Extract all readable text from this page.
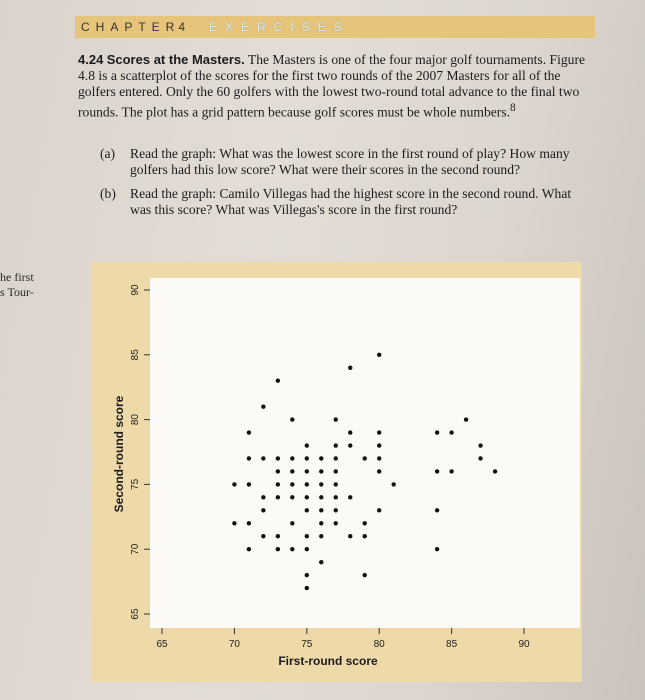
he first
s Tour-
CHAPTER
4 EXERCISES

4.24 Scores at the Masters. The Masters is one of the four major golf tournaments. Figure 4.8 is a scatterplot of the scores for the first two rounds of the 2007 Masters for all of the golfers entered. Only the 60 golfers with the lowest two-round total advance to the final two rounds. The plot has a grid pattern because golf scores must be whole numbers.$^8$

(a)	Read the graph: What was the lowest score in the first round of play? How many golfers had this low score? What were their scores in the second round?
(b)	Read the graph: Camilo Villegas had the highest score in the second round. What was this score? What was Villegas's score in the first round?
65	70	75	80	85	90
65
70
75
80
85
90
First-round score
Second-round score
